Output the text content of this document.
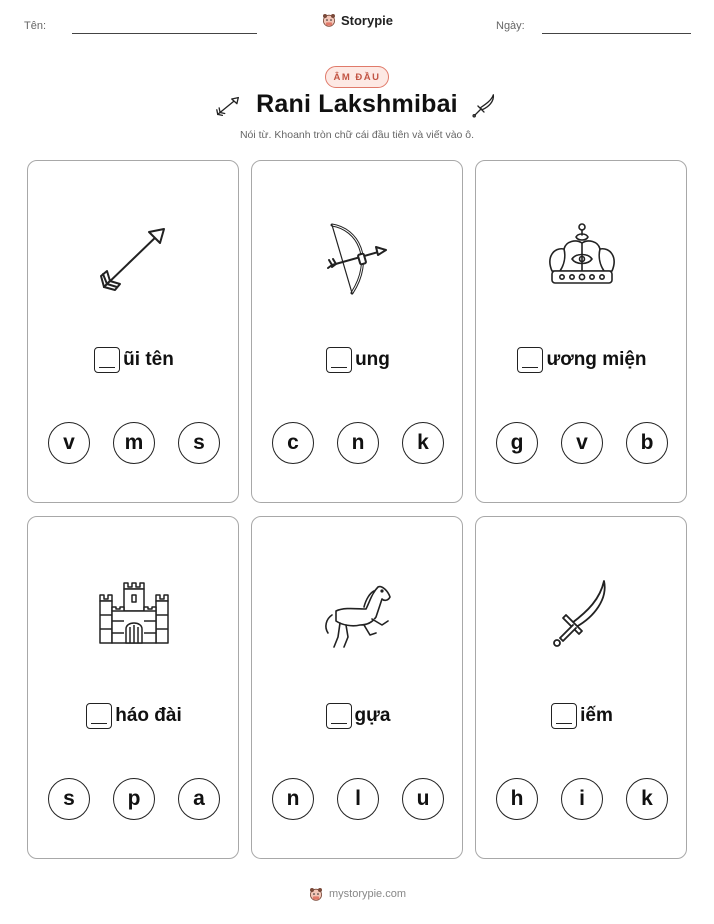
Tên:	Storypie	Ngày:
ÂM ĐẦU
Rani Lakshmibai
Nói từ. Khoanh tròn chữ cái đầu tiên và viết vào ô.
ũi tên
v	m	s
ung
c	n	k
ương miện
g	v	b
háo đài
s	p	a
gựa
n	l	u
iếm
h	i	k
mystorypie.com
